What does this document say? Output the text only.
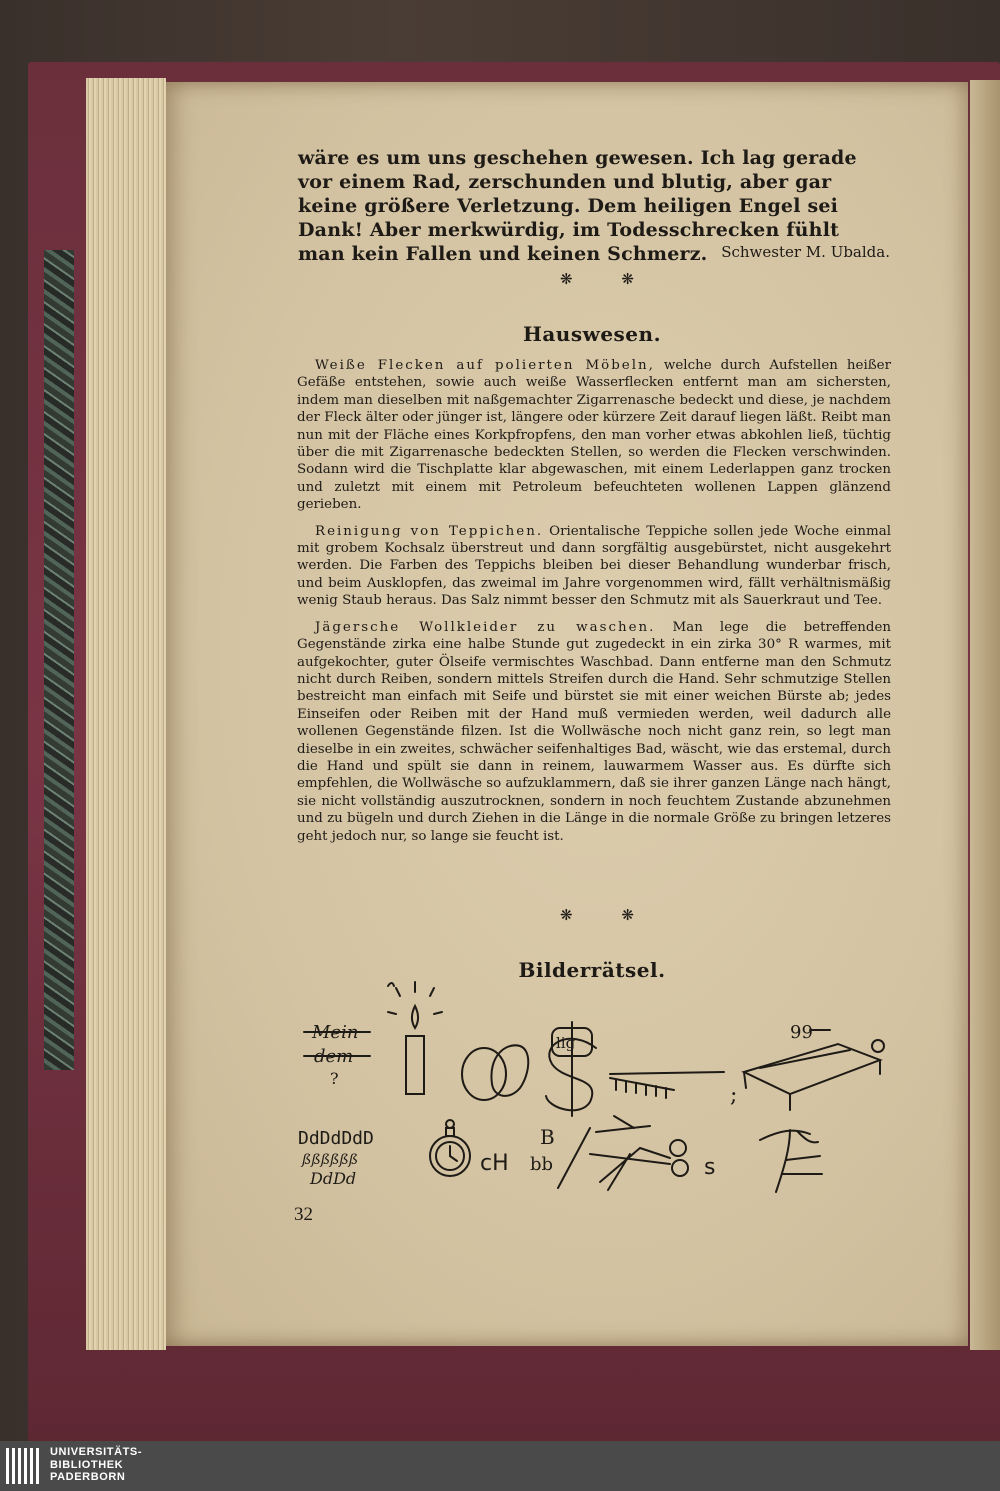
wäre es um uns geschehen gewesen. Ich lag gerade vor einem Rad, zerschunden und blutig, aber gar keine größere Verletzung. Dem heiligen Engel sei Dank! Aber merkwürdig, im Todesschrecken fühlt man kein Fallen und keinen Schmerz. Schwester M. Ubalda.
❋ ❋
Hauswesen.

Weiße Flecken auf polierten Möbeln, welche durch Aufstellen heißer Gefäße entstehen, sowie auch weiße Wasserflecken entfernt man am sichersten, indem man dieselben mit naßgemachter Zigarrenasche bedeckt und diese, je nachdem der Fleck älter oder jünger ist, längere oder kürzere Zeit darauf liegen läßt. Reibt man nun mit der Fläche eines Korkpfropfens, den man vorher etwas abkohlen ließ, tüchtig über die mit Zigarrenasche bedeckten Stellen, so werden die Flecken verschwinden. Sodann wird die Tischplatte klar abgewaschen, mit einem Lederlappen ganz trocken und zuletzt mit einem mit Petroleum befeuchteten wollenen Lappen glänzend gerieben.

Reinigung von Teppichen. Orientalische Teppiche sollen jede Woche einmal mit grobem Kochsalz überstreut und dann sorgfältig ausgebürstet, nicht ausgekehrt werden. Die Farben des Teppichs bleiben bei dieser Behandlung wunderbar frisch, und beim Ausklopfen, das zweimal im Jahre vorgenommen wird, fällt verhältnismäßig wenig Staub heraus. Das Salz nimmt besser den Schmutz mit als Sauerkraut und Tee.

Jägersche Wollkleider zu waschen. Man lege die betreffenden Gegenstände zirka eine halbe Stunde gut zugedeckt in ein zirka 30° R warmes, mit aufgekochter, guter Ölseife vermischtes Waschbad. Dann entferne man den Schmutz nicht durch Reiben, sondern mittels Streifen durch die Hand. Sehr schmutzige Stellen bestreicht man einfach mit Seife und bürstet sie mit einer weichen Bürste ab; jedes Einseifen oder Reiben mit der Hand muß vermieden werden, weil dadurch alle wollenen Gegenstände filzen. Ist die Wollwäsche noch nicht ganz rein, so legt man dieselbe in ein zweites, schwächer seifenhaltiges Bad, wäscht, wie das erstemal, durch die Hand und spült sie dann in reinem, lauwarmem Wasser aus. Es dürfte sich empfehlen, die Wollwäsche so aufzuklammern, daß sie ihrer ganzen Länge nach hängt, sie nicht vollständig auszutrocknen, sondern in noch feuchtem Zustande abzunehmen und zu bügeln und durch Ziehen in die Länge in die normale Größe zu bringen letzeres geht jedoch nur, so lange sie feucht ist.

❋ ❋
Bilderrätsel.
Mein
dem
?
lig
;
99
DdDdDdD
ßßßßßß
DdDd
cH
B
bb	s
32
UNIVERSITÄTS-
BIBLIOTHEK
PADERBORN
